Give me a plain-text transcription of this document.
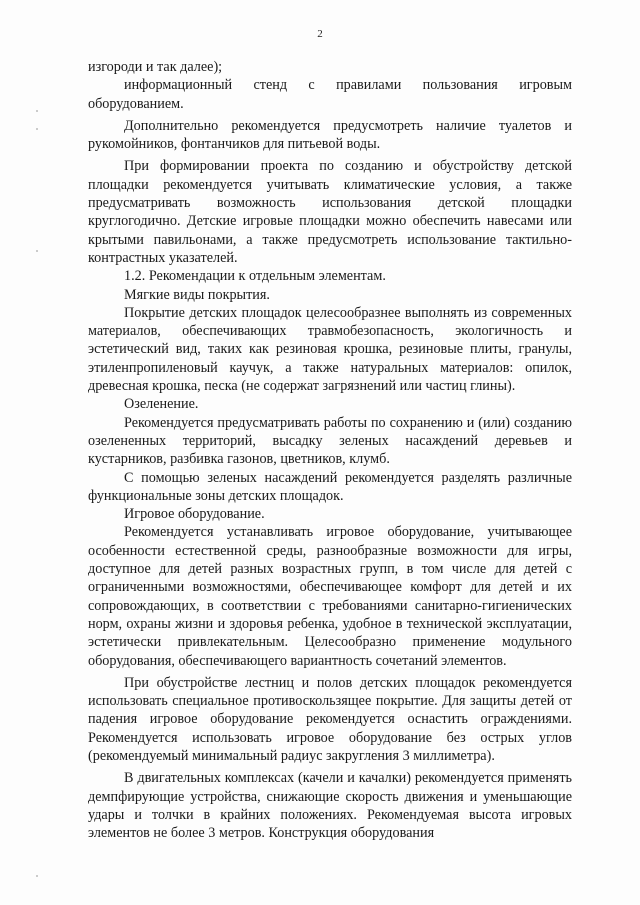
2

изгороди и так далее);

информационный стенд с правилами пользования игровым оборудованием.

Дополнительно рекомендуется предусмотреть наличие туалетов и рукомойников, фонтанчиков для питьевой воды.

При формировании проекта по созданию и обустройству детской площадки рекомендуется учитывать климатические условия, а также предусматривать возможность использования детской площадки круглогодично. Детские игровые площадки можно обеспечить навесами или крытыми павильонами, а также предусмотреть использование тактильно-контрастных указателей.

1.2. Рекомендации к отдельным элементам.

Мягкие виды покрытия.

Покрытие детских площадок целесообразнее выполнять из современных материалов, обеспечивающих травмобезопасность, экологичность и эстетический вид, таких как резиновая крошка, резиновые плиты, гранулы, этиленпропиленовый каучук, а также натуральных материалов: опилок, древесная крошка, песка (не содержат загрязнений или частиц глины).

Озеленение.

Рекомендуется предусматривать работы по сохранению и (или) созданию озелененных территорий, высадку зеленых насаждений деревьев и кустарников, разбивка газонов, цветников, клумб.

С помощью зеленых насаждений рекомендуется разделять различные функциональные зоны детских площадок.

Игровое оборудование.

Рекомендуется устанавливать игровое оборудование, учитывающее особенности естественной среды, разнообразные возможности для игры, доступное для детей разных возрастных групп, в том числе для детей с ограниченными возможностями, обеспечивающее комфорт для детей и их сопровождающих, в соответствии с требованиями санитарно-гигиенических норм, охраны жизни и здоровья ребенка, удобное в технической эксплуатации, эстетически привлекательным. Целесообразно применение модульного оборудования, обеспечивающего вариантность сочетаний элементов.

При обустройстве лестниц и полов детских площадок рекомендуется использовать специальное противоскользящее покрытие. Для защиты детей от падения игровое оборудование рекомендуется оснастить ограждениями. Рекомендуется использовать игровое оборудование без острых углов (рекомендуемый минимальный радиус закругления 3 миллиметра).

В двигательных комплексах (качели и качалки) рекомендуется применять демпфирующие устройства, снижающие скорость движения и уменьшающие удары и толчки в крайних положениях. Рекомендуемая высота игровых элементов не более 3 метров. Конструкция оборудования
